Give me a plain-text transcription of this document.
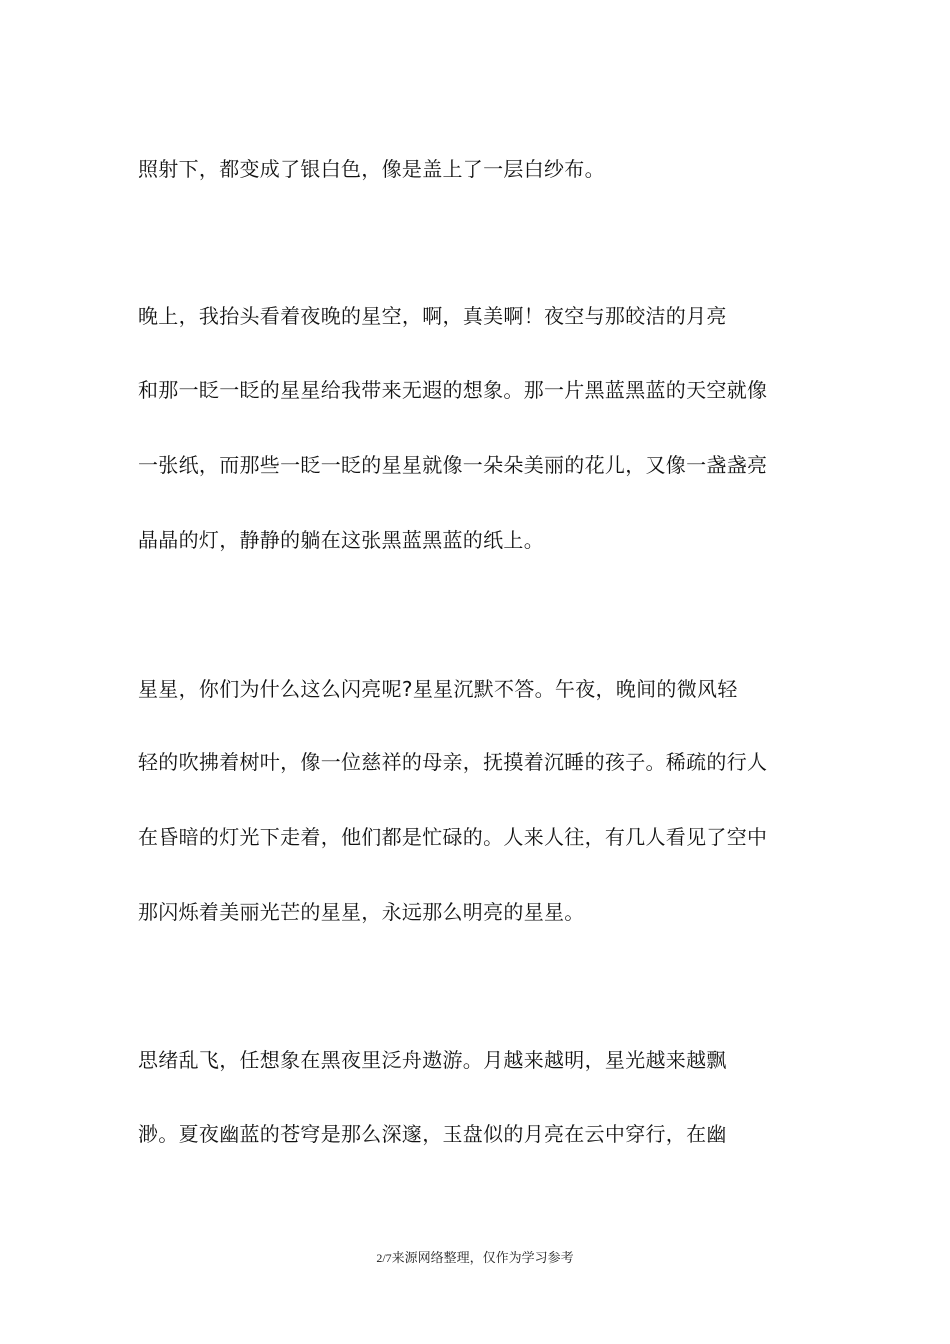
照射下，都变成了银白色，像是盖上了一层白纱布。
晚上，我抬头看着夜晚的星空，啊，真美啊！夜空与那皎洁的月亮
和那一眨一眨的星星给我带来无遐的想象。那一片黑蓝黑蓝的天空就像
一张纸，而那些一眨一眨的星星就像一朵朵美丽的花儿，又像一盏盏亮
晶晶的灯，静静的躺在这张黑蓝黑蓝的纸上。
星星，你们为什么这么闪亮呢?星星沉默不答。午夜，晚间的微风轻
轻的吹拂着树叶，像一位慈祥的母亲，抚摸着沉睡的孩子。稀疏的行人
在昏暗的灯光下走着，他们都是忙碌的。人来人往，有几人看见了空中
那闪烁着美丽光芒的星星，永远那么明亮的星星。
思绪乱飞，任想象在黑夜里泛舟遨游。月越来越明，星光越来越飘
渺。夏夜幽蓝的苍穹是那么深邃，玉盘似的月亮在云中穿行，在幽
2/7来源网络整理，仅作为学习参考
